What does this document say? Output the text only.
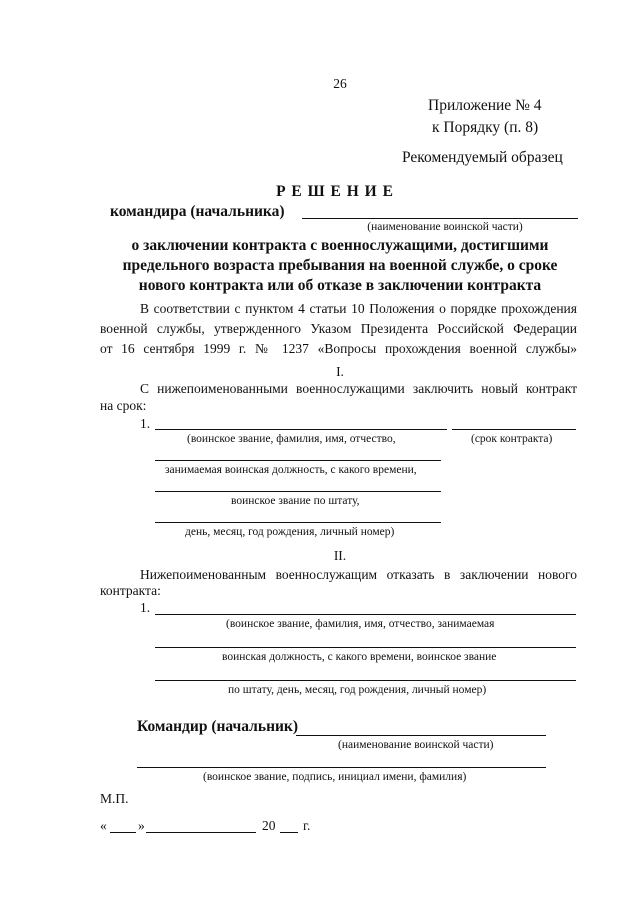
26
Приложение № 4
к Порядку (п. 8)
Рекомендуемый образец
Р Е Ш Е Н И Е
командира (начальника)
(наименование воинской части)
о заключении контракта с военнослужащими, достигшими
предельного возраста пребывания на военной службе, о сроке
нового контракта или об отказе в заключении контракта
В соответствии с пунктом 4 статьи 10 Положения о порядке прохождения
военной службы, утвержденного Указом Президента Российской Федерации
от 16 сентября 1999 г. № 1237 «Вопросы прохождения военной службы»
I.
С нижепоименованными военнослужащими заключить новый контракт
на срок:
1.
(воинское звание, фамилия, имя, отчество,	(срок контракта)
занимаемая воинская должность, с какого времени,
воинское звание по штату,
день, месяц, год рождения, личный номер)
II.
Нижепоименованным военнослужащим отказать в заключении нового
контракта:
1.
(воинское звание, фамилия, имя, отчество, занимаемая
воинская должность, с какого времени, воинское звание
по штату, день, месяц, год рождения, личный номер)
Командир (начальник)
(наименование воинской части)
(воинское звание, подпись, инициал имени, фамилия)
М.П.
« »	20 г.
